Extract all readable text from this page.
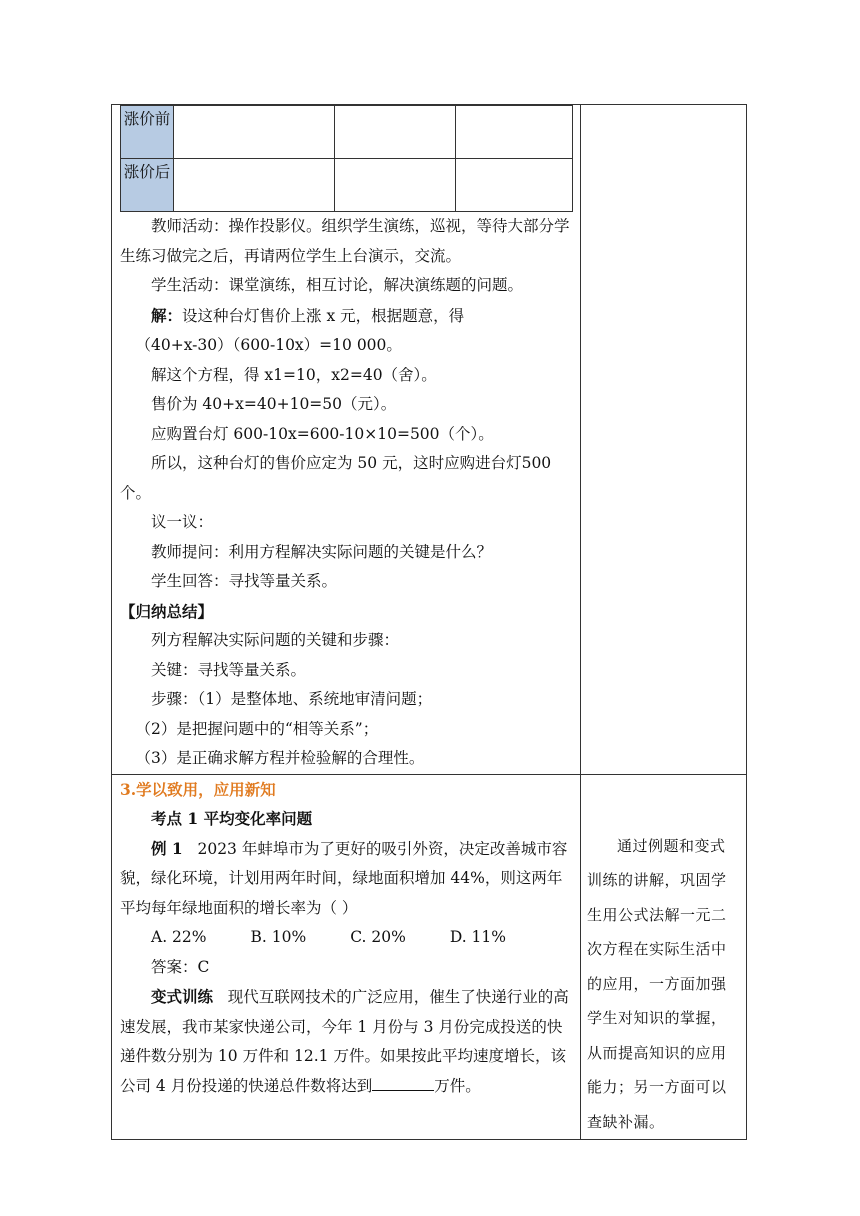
涨价前			
涨价后			

教师活动：操作投影仪。组织学生演练，巡视，等待大部分学生练习做完之后，再请两位学生上台演示，交流。

学生活动：课堂演练，相互讨论，解决演练题的问题。

解：设这种台灯售价上涨 x 元，根据题意，得

（40+x-30）（600-10x）=10 000。

解这个方程，得 x1=10，x2=40（舍）。

售价为 40+x=40+10=50（元）。

应购置台灯 600-10x=600-10×10=500（个）。

所以，这种台灯的售价应定为 50 元，这时应购进台灯500 个。

议一议：

教师提问：利用方程解决实际问题的关键是什么？

学生回答：寻找等量关系。

【归纳总结】

列方程解决实际问题的关键和步骤：

关键：寻找等量关系。

步骤：（1）是整体地、系统地审清问题；

（2）是把握问题中的“相等关系”；

（3）是正确求解方程并检验解的合理性。

3.学以致用，应用新知

考点 1 平均变化率问题

例 1 2023 年蚌埠市为了更好的吸引外资，决定改善城市容貌，绿化环境，计划用两年时间，绿地面积增加 44%，则这两年平均每年绿地面积的增长率为（ ）

A. 22%	B. 10%	C. 20%	D. 11%

答案：C

变式训练 现代互联网技术的广泛应用，催生了快递行业的高速发展，我市某家快递公司，今年 1 月份与 3 月份完成投送的快递件数分别为 10 万件和 12.1 万件。如果按此平均速度增长，该公司 4 月份投递的快递总件数将达到	万件。

通过例题和变式训练的讲解，巩固学生用公式法解一元二次方程在实际生活中的应用，一方面加强学生对知识的掌握，从而提高知识的应用能力；另一方面可以查缺补漏。
